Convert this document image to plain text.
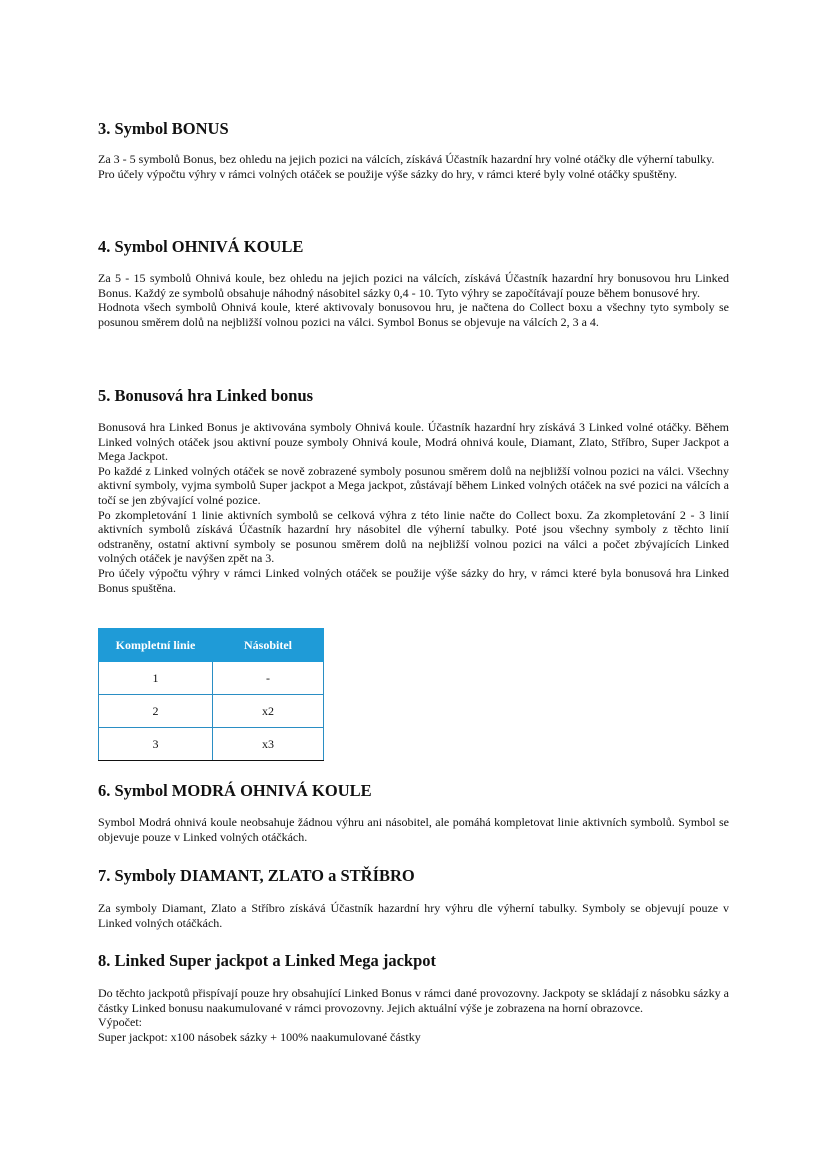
3. Symbol BONUS

Za 3 - 5 symbolů Bonus, bez ohledu na jejich pozici na válcích, získává Účastník hazardní hry volné otáčky dle výherní tabulky.

Pro účely výpočtu výhry v rámci volných otáček se použije výše sázky do hry, v rámci které byly volné otáčky spuštěny.

4. Symbol OHNIVÁ KOULE

Za 5 - 15 symbolů Ohnivá koule, bez ohledu na jejich pozici na válcích, získává Účastník hazardní hry bonusovou hru Linked Bonus. Každý ze symbolů obsahuje náhodný násobitel sázky 0,4 - 10. Tyto výhry se započítávají pouze během bonusové hry.

Hodnota všech symbolů Ohnivá koule, které aktivovaly bonusovou hru, je načtena do Collect boxu a všechny tyto symboly se posunou směrem dolů na nejbližší volnou pozici na válci. Symbol Bonus se objevuje na válcích 2, 3 a 4.

5. Bonusová hra Linked bonus

Bonusová hra Linked Bonus je aktivována symboly Ohnivá koule. Účastník hazardní hry získává 3 Linked volné otáčky. Během Linked volných otáček jsou aktivní pouze symboly Ohnivá koule, Modrá ohnivá koule, Diamant, Zlato, Stříbro, Super Jackpot a Mega Jackpot.

Po každé z Linked volných otáček se nově zobrazené symboly posunou směrem dolů na nejbližší volnou pozici na válci. Všechny aktivní symboly, vyjma symbolů Super jackpot a Mega jackpot, zůstávají během Linked volných otáček na své pozici na válcích a točí se jen zbývající volné pozice.

Po zkompletování 1 linie aktivních symbolů se celková výhra z této linie načte do Collect boxu. Za zkompletování 2 - 3 linií aktivních symbolů získává Účastník hazardní hry násobitel dle výherní tabulky. Poté jsou všechny symboly z těchto linií odstraněny, ostatní aktivní symboly se posunou směrem dolů na nejbližší volnou pozici na válci a počet zbývajících Linked volných otáček je navýšen zpět na 3.

Pro účely výpočtu výhry v rámci Linked volných otáček se použije výše sázky do hry, v rámci které byla bonusová hra Linked Bonus spuštěna.

Kompletní linie	Násobitel
1	-
2	x2
3	x3
6. Symbol MODRÁ OHNIVÁ KOULE

Symbol Modrá ohnivá koule neobsahuje žádnou výhru ani násobitel, ale pomáhá kompletovat linie aktivních symbolů. Symbol se objevuje pouze v Linked volných otáčkách.

7. Symboly DIAMANT, ZLATO a STŘÍBRO

Za symboly Diamant, Zlato a Stříbro získává Účastník hazardní hry výhru dle výherní tabulky. Symboly se objevují pouze v Linked volných otáčkách.

8. Linked Super jackpot a Linked Mega jackpot

Do těchto jackpotů přispívají pouze hry obsahující Linked Bonus v rámci dané provozovny. Jackpoty se skládají z násobku sázky a částky Linked bonusu naakumulované v rámci provozovny. Jejich aktuální výše je zobrazena na horní obrazovce.

Výpočet:

Super jackpot: x100 násobek sázky + 100% naakumulované částky
